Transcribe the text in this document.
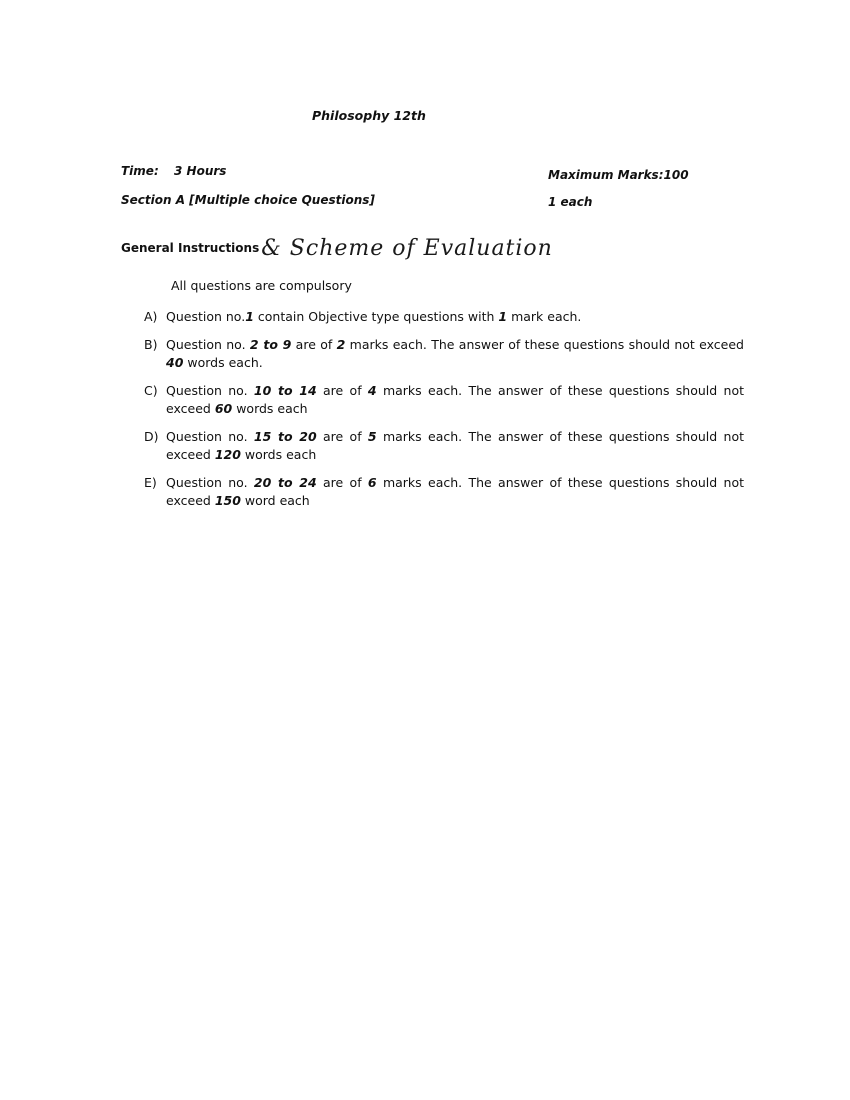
Philosophy 12th
Time: 3 Hours	Maximum Marks:100
Section A [Multiple choice Questions]	1 each
General Instructions & Scheme of Evaluation
All questions are compulsory
A) Question no.1 contain Objective type questions with 1 mark each.
B) Question no. 2 to 9 are of 2 marks each. The answer of these questions should not exceed 40 words each.
C) Question no. 10 to 14 are of 4 marks each. The answer of these questions should not exceed 60 words each
D) Question no. 15 to 20 are of 5 marks each. The answer of these questions should not exceed 120 words each
E) Question no. 20 to 24 are of 6 marks each. The answer of these questions should not exceed 150 word each
